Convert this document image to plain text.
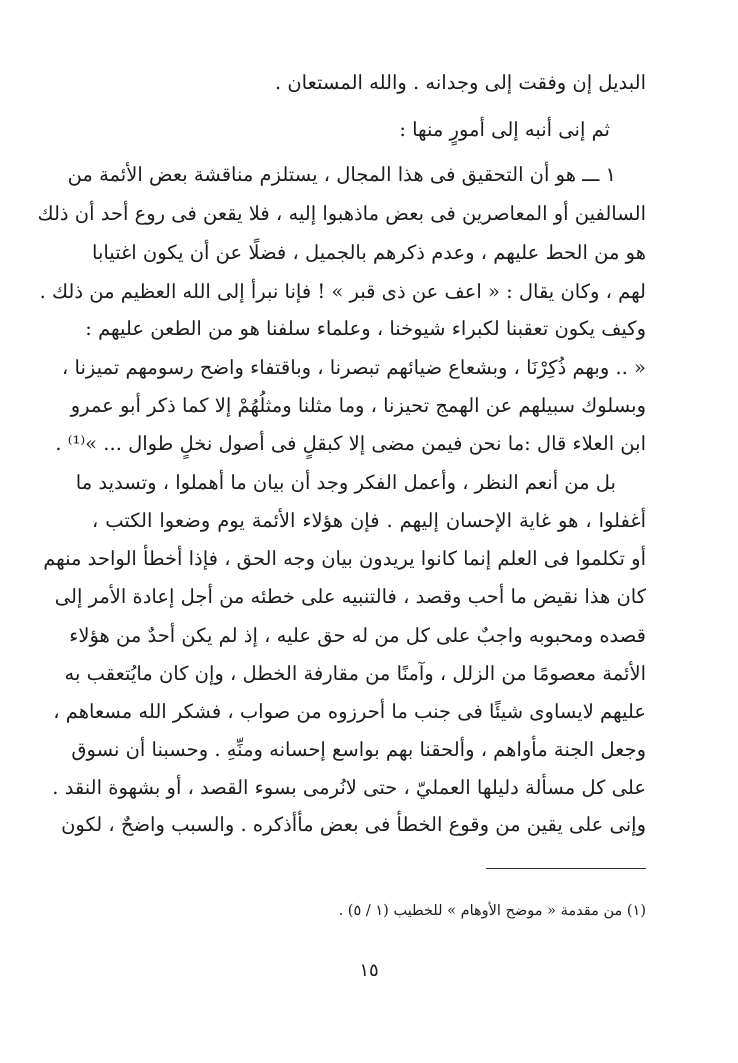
البديل إن وفقت إلى وجدانه . والله المستعان .
ثم إنى أنبه إلى أمورٍ منها :
١ ـــ هو أن التحقيق فى هذا المجال ، يستلزم مناقشة بعض الأئمة من
السالفين أو المعاصرين فى بعض ماذهبوا إليه ، فلا يقعن فى روع أحد أن ذلك
هو من الحط عليهم ، وعدم ذكرهم بالجميل ، فضلًا عن أن يكون اغتيابا
لهم ، وكان يقال : « اعف عن ذى قبر » ! فإنا نبرأ إلى الله العظيم من ذلك .
وكيف يكون تعقبنا لكبراء شيوخنا ، وعلماء سلفنا هو من الطعن عليهم :
« .. وبهم ذُكِرْنَا ، وبشعاع ضيائهم تبصرنا ، وباقتفاء واضح رسومهم تميزنا ،
وبسلوك سبيلهم عن الهمج تحيزنا ، وما مثلنا ومثلُهُمْ إلا كما ذكر أبو عمرو
ابن العلاء قال :ما نحن فيمن مضى إلا كبقلٍ فى أصول نخلٍ طوال ... »⁽¹⁾ .
بل من أنعم النظر ، وأعمل الفكر وجد أن بيان ما أهملوا ، وتسديد ما
أغفلوا ، هو غاية الإحسان إليهم . فإن هؤلاء الأئمة يوم وضعوا الكتب ،
أو تكلموا فى العلم إنما كانوا يريدون بيان وجه الحق ، فإذا أخطأ الواحد منهم
كان هذا نقيض ما أحب وقصد ، فالتنبيه على خطئه من أجل إعادة الأمر إلى
قصده ومحبوبه واجبٌ على كل من له حق عليه ، إذ لم يكن أحدٌ من هؤلاء
الأئمة معصومًا من الزلل ، وآمنًا من مقارفة الخطل ، وإن كان مايُتعقب به
عليهم لايساوى شيئًا فى جنب ما أحرزوه من صواب ، فشكر الله مسعاهم ،
وجعل الجنة مأواهم ، وألحقنا بهم بواسع إحسانه ومنِّهِ . وحسبنا أن نسوق
على كل مسألة دليلها العمليّ ، حتى لانُرمى بسوء القصد ، أو بشهوة النقد .
وإنى على يقين من وقوع الخطأ فى بعض مأأذكره . والسبب واضحٌ ، لكون
(١) من مقدمة « موضح الأوهام » للخطيب (١ / ٥) .
١٥
